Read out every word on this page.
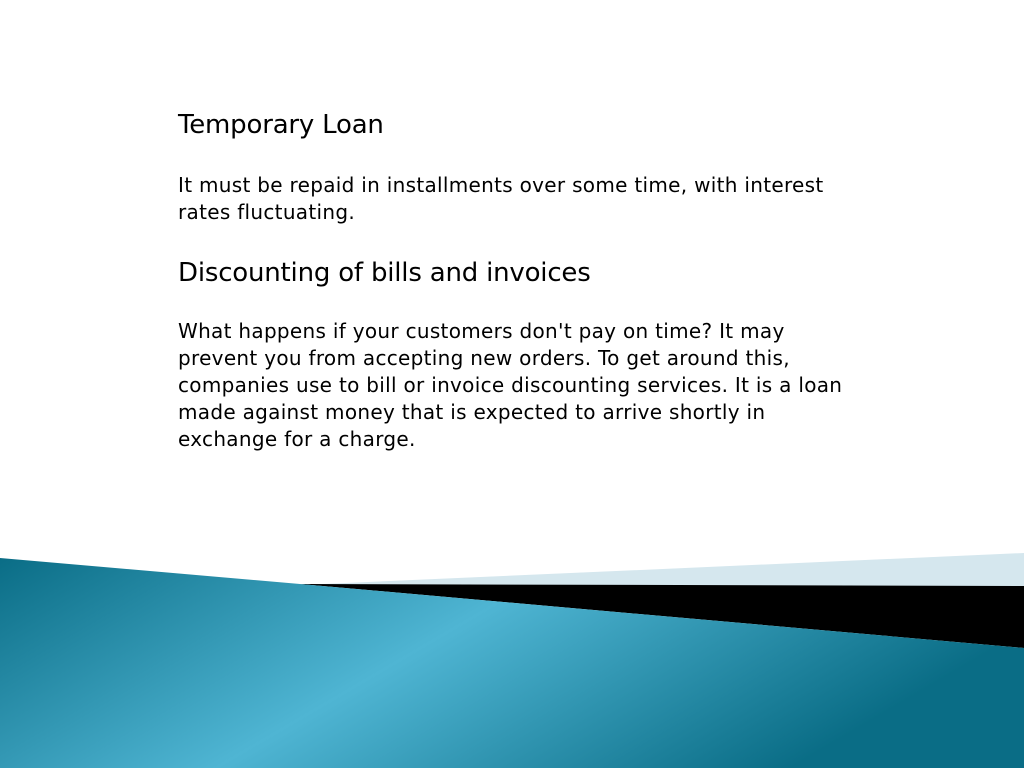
Temporary Loan

It must be repaid in installments over some time, with interest rates fluctuating.

Discounting of bills and invoices

What happens if your customers don't pay on time? It may prevent you from accepting new orders. To get around this, companies use to bill or invoice discounting services. It is a loan made against money that is expected to arrive shortly in exchange for a charge.
